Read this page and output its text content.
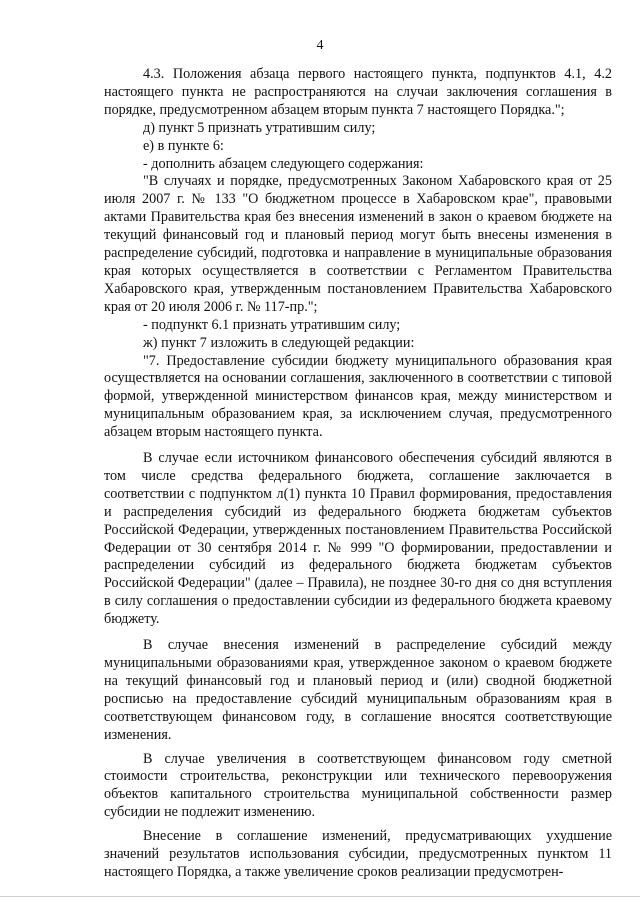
4

4.3. Положения абзаца первого настоящего пункта, подпунктов 4.1, 4.2 настоящего пункта не распространяются на случаи заключения соглашения в порядке, предусмотренном абзацем вторым пункта 7 настоящего Порядка.";

д) пункт 5 признать утратившим силу;

е) в пункте 6:

- дополнить абзацем следующего содержания:

"В случаях и порядке, предусмотренных Законом Хабаровского края от 25 июля 2007 г. № 133 "О бюджетном процессе в Хабаровском крае", правовыми актами Правительства края без внесения изменений в закон о краевом бюджете на текущий финансовый год и плановый период могут быть внесены изменения в распределение субсидий, подготовка и направление в муниципальные образования края которых осуществляется в соответствии с Регламентом Правительства Хабаровского края, утвержденным постановлением Правительства Хабаровского края от 20 июля 2006 г. № 117-пр.";

- подпункт 6.1 признать утратившим силу;

ж) пункт 7 изложить в следующей редакции:

"7. Предоставление субсидии бюджету муниципального образования края осуществляется на основании соглашения, заключенного в соответствии с типовой формой, утвержденной министерством финансов края, между министерством и муниципальным образованием края, за исключением случая, предусмотренного абзацем вторым настоящего пункта.

В случае если источником финансового обеспечения субсидий являются в том числе средства федерального бюджета, соглашение заключается в соответствии с подпунктом л(1) пункта 10 Правил формирования, предоставления и распределения субсидий из федерального бюджета бюджетам субъектов Российской Федерации, утвержденных постановлением Правительства Российской Федерации от 30 сентября 2014 г. № 999 "О формировании, предоставлении и распределении субсидий из федерального бюджета бюджетам субъектов Российской Федерации" (далее – Правила), не позднее 30-го дня со дня вступления в силу соглашения о предоставлении субсидии из федерального бюджета краевому бюджету.

В случае внесения изменений в распределение субсидий между муниципальными образованиями края, утвержденное законом о краевом бюджете на текущий финансовый год и плановый период и (или) сводной бюджетной росписью на предоставление субсидий муниципальным образованиям края в соответствующем финансовом году, в соглашение вносятся соответствующие изменения.

В случае увеличения в соответствующем финансовом году сметной стоимости строительства, реконструкции или технического перевооружения объектов капитального строительства муниципальной собственности размер субсидии не подлежит изменению.

Внесение в соглашение изменений, предусматривающих ухудшение значений результатов использования субсидии, предусмотренных пунктом 11 настоящего Порядка, а также увеличение сроков реализации предусмотрен-
